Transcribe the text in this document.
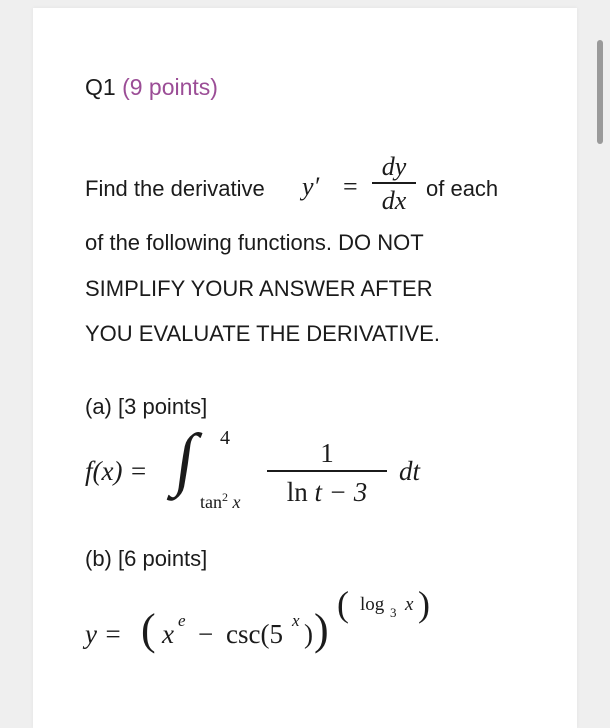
Q1 (9 points)
Find the derivative y′ =
dy
dx of each
of the following functions. DO NOT
SIMPLIFY YOUR ANSWER AFTER
YOU EVALUATE THE DERIVATIVE.
(a) [3 points]
f(x) = ∫ 4
$\tan^2 x$
1
ln t − 3
dt
(b) [6 points]
y = ( x e − csc(5 x ) )
( log 3 x )
